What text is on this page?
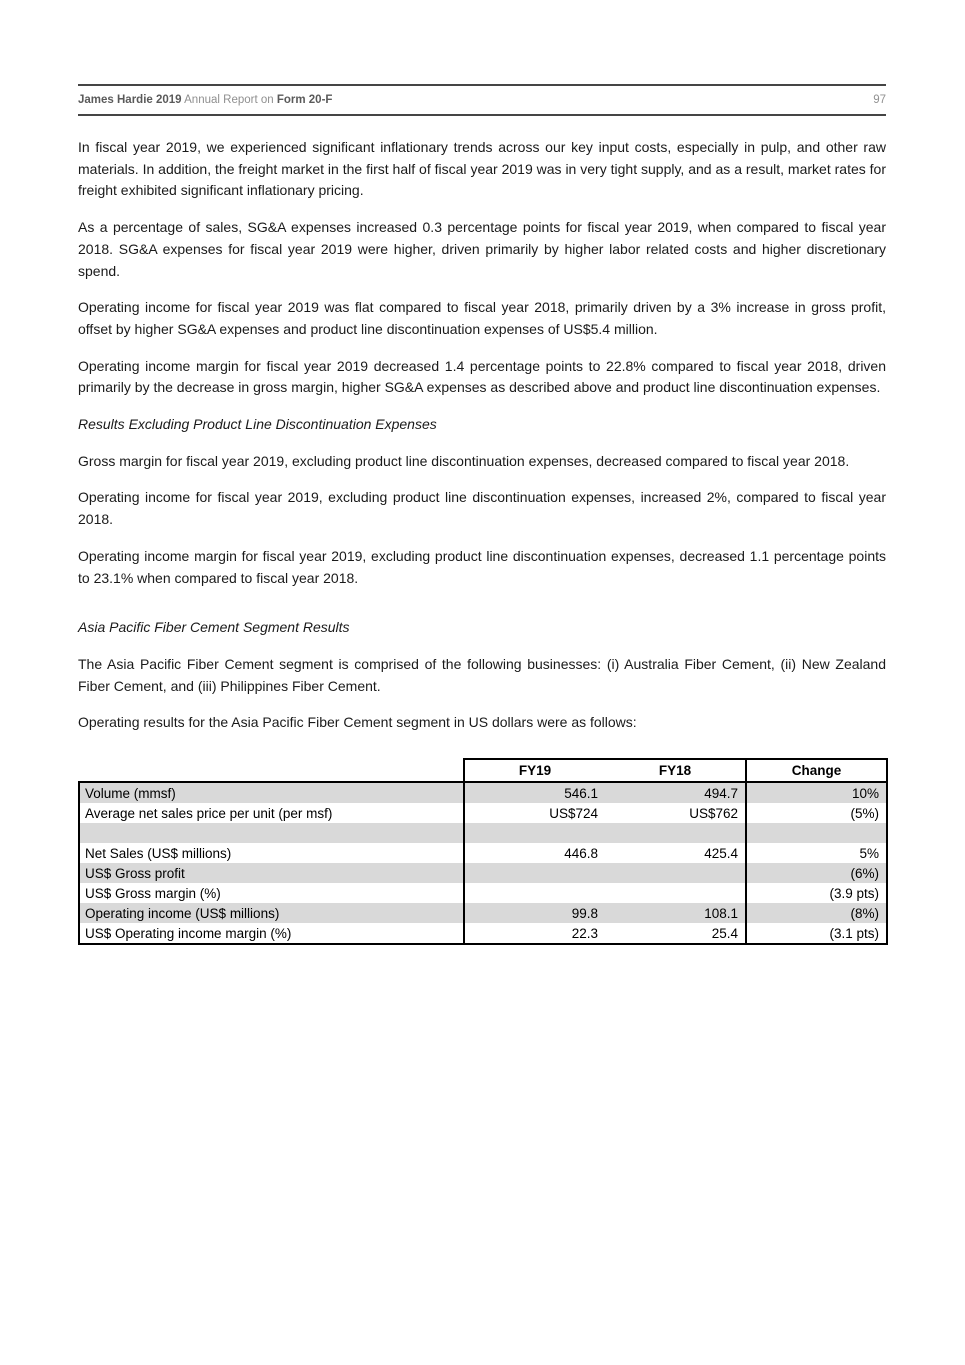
James Hardie 2019 Annual Report on Form 20-F	97

In fiscal year 2019, we experienced significant inflationary trends across our key input costs, especially in pulp, and other raw materials. In addition, the freight market in the first half of fiscal year 2019 was in very tight supply, and as a result, market rates for freight exhibited significant inflationary pricing.

As a percentage of sales, SG&A expenses increased 0.3 percentage points for fiscal year 2019, when compared to fiscal year 2018. SG&A expenses for fiscal year 2019 were higher, driven primarily by higher labor related costs and higher discretionary spend.

Operating income for fiscal year 2019 was flat compared to fiscal year 2018, primarily driven by a 3% increase in gross profit, offset by higher SG&A expenses and product line discontinuation expenses of US$5.4 million.

Operating income margin for fiscal year 2019 decreased 1.4 percentage points to 22.8% compared to fiscal year 2018, driven primarily by the decrease in gross margin, higher SG&A expenses as described above and product line discontinuation expenses.

Results Excluding Product Line Discontinuation Expenses

Gross margin for fiscal year 2019, excluding product line discontinuation expenses, decreased compared to fiscal year 2018.

Operating income for fiscal year 2019, excluding product line discontinuation expenses, increased 2%, compared to fiscal year 2018.

Operating income margin for fiscal year 2019, excluding product line discontinuation expenses, decreased 1.1 percentage points to 23.1% when compared to fiscal year 2018.

Asia Pacific Fiber Cement Segment Results

The Asia Pacific Fiber Cement segment is comprised of the following businesses: (i) Australia Fiber Cement, (ii) New Zealand Fiber Cement, and (iii) Philippines Fiber Cement.

Operating results for the Asia Pacific Fiber Cement segment in US dollars were as follows:

	FY19	FY18	Change
Volume (mmsf)	546.1	494.7	10%
Average net sales price per unit (per msf)	US$724	US$762	(5%)

Net Sales (US$ millions)	446.8	425.4	5%
US$ Gross profit			(6%)
US$ Gross margin (%)			(3.9 pts)
Operating income (US$ millions)	99.8	108.1	(8%)
US$ Operating income margin (%)	22.3	25.4	(3.1 pts)
